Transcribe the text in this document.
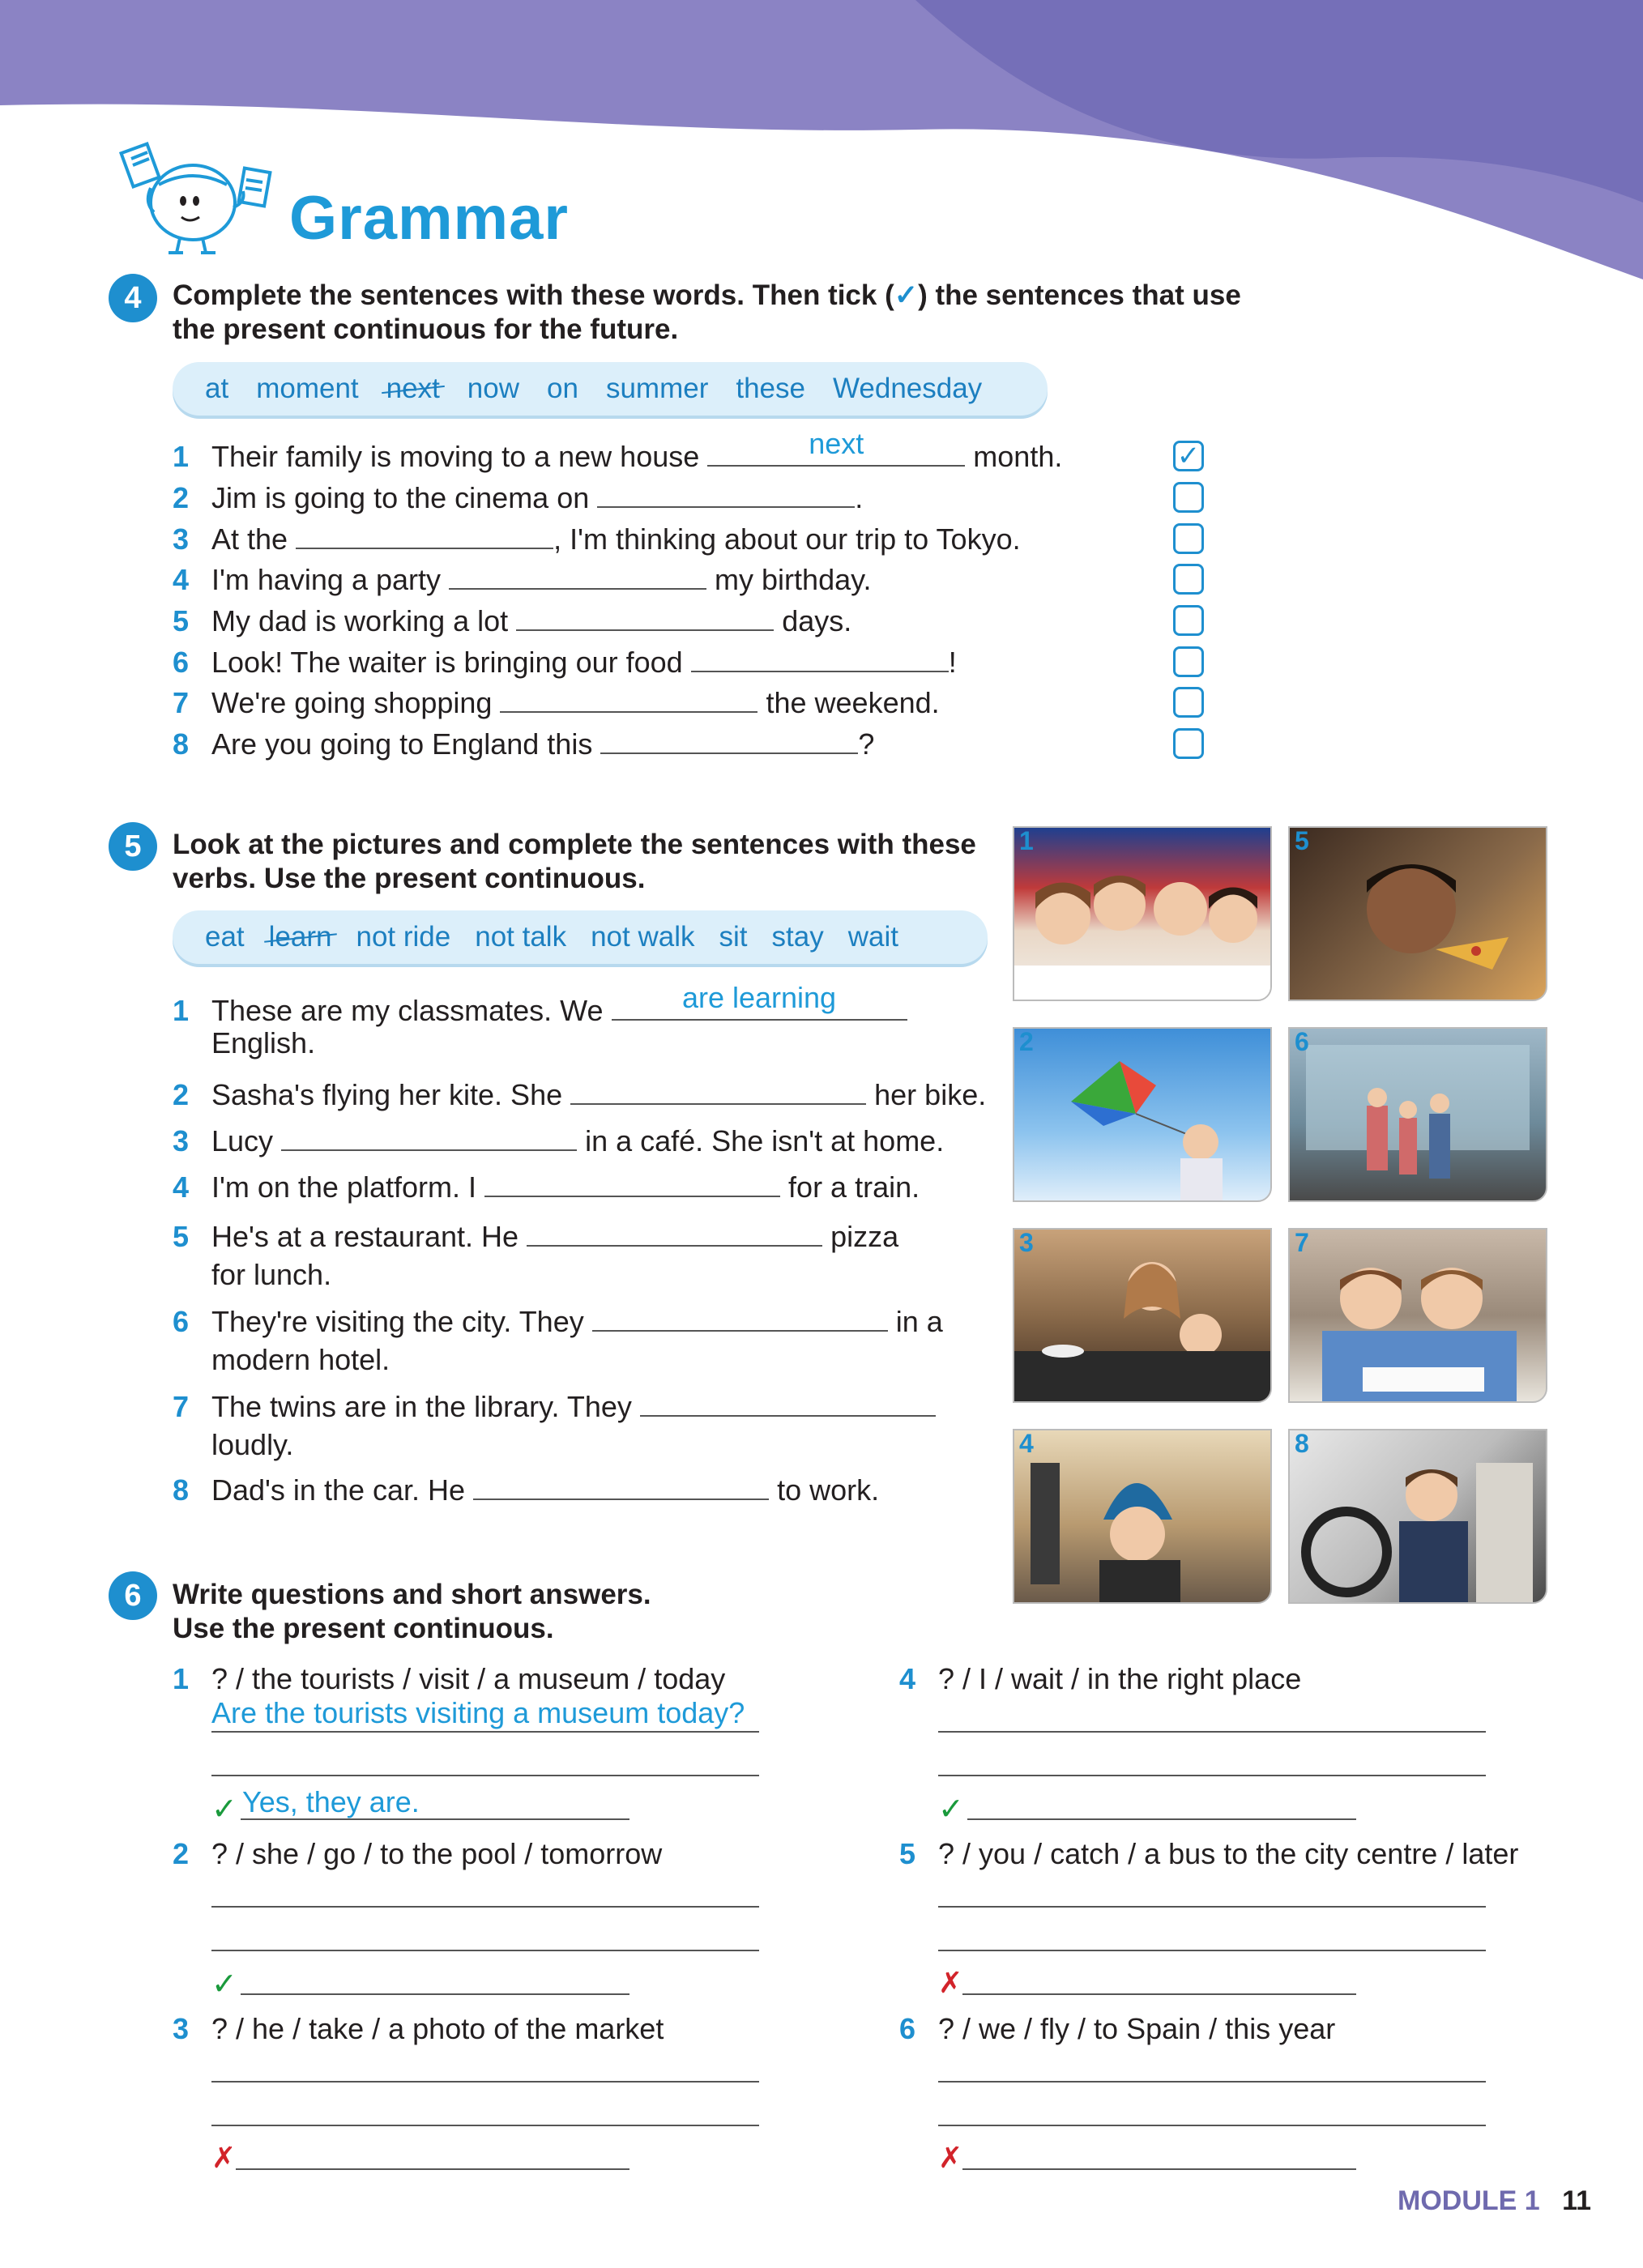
Grammar
4	Complete the sentences with these words. Then tick (✓) the sentences that use
the present continuous for the future.
at moment next now on summer these Wednesday
1 Their family is moving to a new house	next	month.
2 Jim is going to the cinema on	.
3 At the	, I'm thinking about our trip to Tokyo.
4 I'm having a party	my birthday.
5 My dad is working a lot	days.
6 Look! The waiter is bringing our food	!
7 We're going shopping	the weekend.
8 Are you going to England this	?
✓
5	Look at the pictures and complete the sentences with these
verbs. Use the present continuous.
eat learn not ride not talk not walk sit stay wait
1 These are my classmates. We	are learning

English.
2 Sasha's flying her kite. She	her bike.
3 Lucy	in a café. She isn't at home.
4 I'm on the platform. I	for a train.
5 He's at a restaurant. He	pizza
for lunch.
6 They're visiting the city. They	in a
modern hotel.
7 The twins are in the library. They
loudly.
8 Dad's in the car. He	to work.
1	5
2	6
3	7
4	8
6	Write questions and short answers.
Use the present continuous.
1 ? / the tourists / visit / a museum / today
Are the tourists visiting a museum today?
✓ Yes, they are.
2 ? / she / go / to the pool / tomorrow
✓
3 ? / he / take / a photo of the market
✗
4 ? / I / wait / in the right place
✓
5 ? / you / catch / a bus to the city centre / later
✗
6 ? / we / fly / to Spain / this year
✗
MODULE 1 11
